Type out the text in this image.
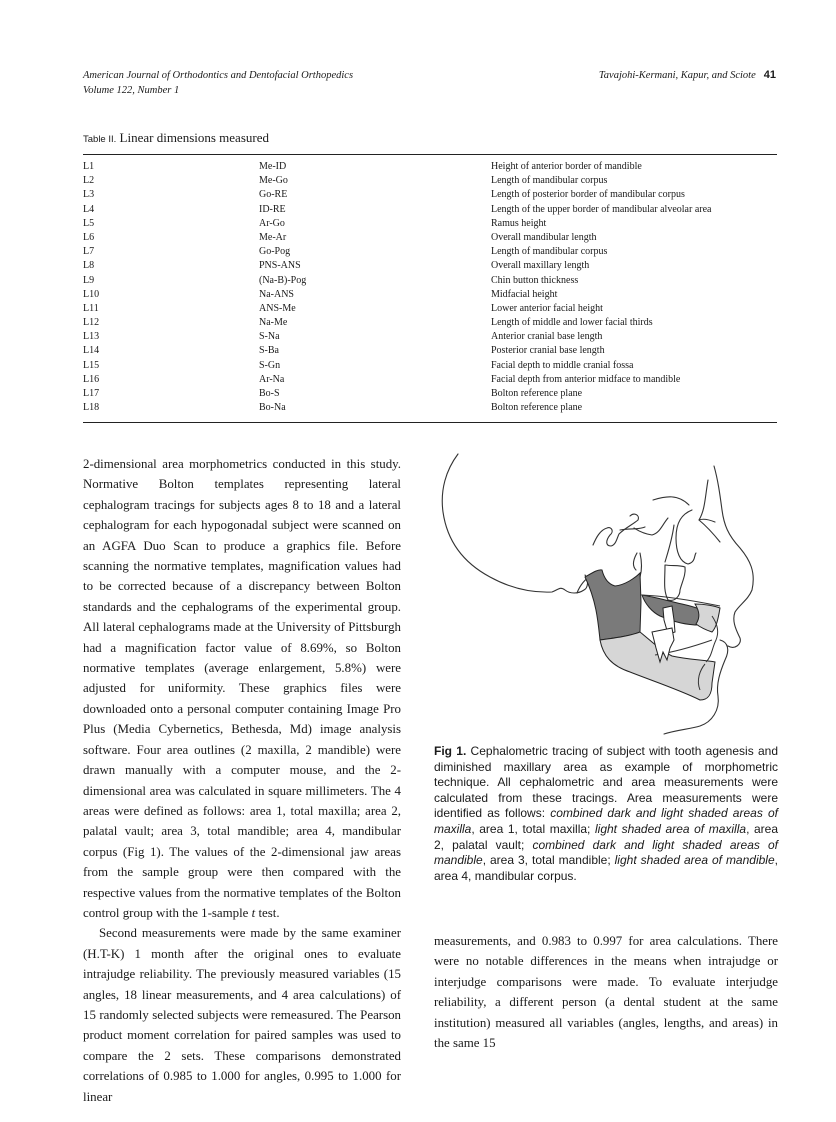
American Journal of Orthodontics and Dentofacial Orthopedics
Volume 122, Number 1
Tavajohi-Kermani, Kapur, and Sciote 41
Table II. Linear dimensions measured
L1	Me-ID	Height of anterior border of mandible
L2	Me-Go	Length of mandibular corpus
L3	Go-RE	Length of posterior border of mandibular corpus
L4	ID-RE	Length of the upper border of mandibular alveolar area
L5	Ar-Go	Ramus height
L6	Me-Ar	Overall mandibular length
L7	Go-Pog	Length of mandibular corpus
L8	PNS-ANS	Overall maxillary length
L9	(Na-B)-Pog	Chin button thickness
L10	Na-ANS	Midfacial height
L11	ANS-Me	Lower anterior facial height
L12	Na-Me	Length of middle and lower facial thirds
L13	S-Na	Anterior cranial base length
L14	S-Ba	Posterior cranial base length
L15	S-Gn	Facial depth to middle cranial fossa
L16	Ar-Na	Facial depth from anterior midface to mandible
L17	Bo-S	Bolton reference plane
L18	Bo-Na	Bolton reference plane

2-dimensional area morphometrics conducted in this study. Normative Bolton templates representing lateral cephalogram tracings for subjects ages 8 to 18 and a lateral cephalogram for each hypogonadal subject were scanned on an AGFA Duo Scan to produce a graphics file. Before scanning the normative templates, magnification values had to be corrected because of a discrepancy between Bolton standards and the cephalograms of the experimental group. All lateral cephalograms made at the University of Pittsburgh had a magnification factor value of 8.69%, so Bolton normative templates (average enlargement, 5.8%) were adjusted for uniformity. These graphics files were downloaded onto a personal computer containing Image Pro Plus (Media Cybernetics, Bethesda, Md) image analysis software. Four area outlines (2 maxilla, 2 mandible) were drawn manually with a computer mouse, and the 2-dimensional area was calculated in square millimeters. The 4 areas were defined as follows: area 1, total maxilla; area 2, palatal vault; area 3, total mandible; area 4, mandibular corpus (Fig 1). The values of the 2-dimensional jaw areas from the sample group were then compared with the respective values from the normative templates of the Bolton control group with the 1-sample t test.

Second measurements were made by the same examiner (H.T-K) 1 month after the original ones to evaluate intrajudge reliability. The previously measured variables (15 angles, 18 linear measurements, and 4 area calculations) of 15 randomly selected subjects were remeasured. The Pearson product moment correlation for paired samples was used to compare the 2 sets. These comparisons demonstrated correlations of 0.985 to 1.000 for angles, 0.995 to 1.000 for linear

Fig 1. Cephalometric tracing of subject with tooth agenesis and diminished maxillary area as example of morphometric technique. All cephalometric and area measurements were calculated from these tracings. Area measurements were identified as follows: combined dark and light shaded areas of maxilla, area 1, total maxilla; light shaded area of maxilla, area 2, palatal vault; combined dark and light shaded areas of mandible, area 3, total mandible; light shaded area of mandible, area 4, mandibular corpus.

measurements, and 0.983 to 0.997 for area calculations. There were no notable differences in the means when intrajudge or interjudge comparisons were made. To evaluate interjudge reliability, a different person (a dental student at the same institution) measured all variables (angles, lengths, and areas) in the same 15
